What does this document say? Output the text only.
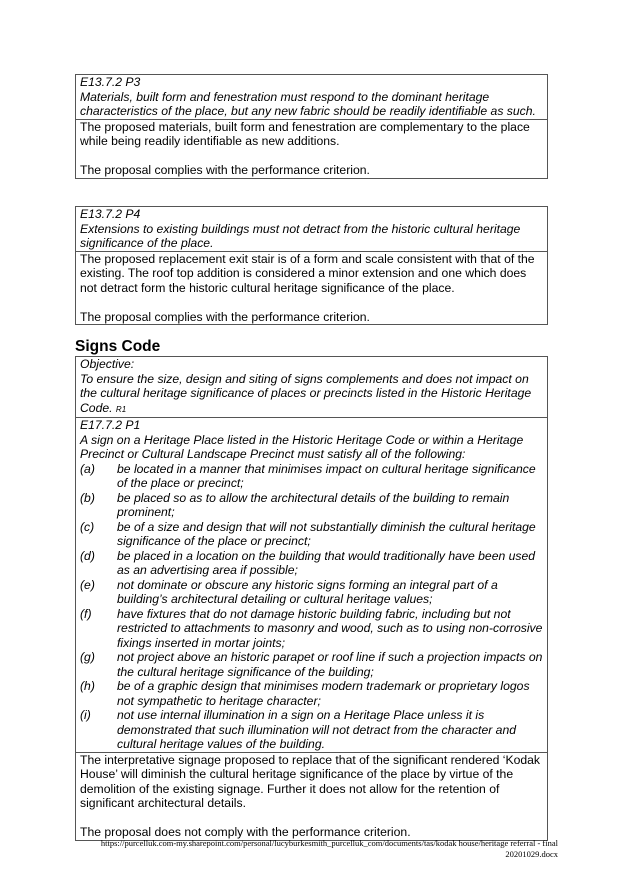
E13.7.2 P3

Materials, built form and fenestration must respond to the dominant heritage characteristics of the place, but any new fabric should be readily identifiable as such.

The proposed materials, built form and fenestration are complementary to the place while being readily identifiable as new additions.

The proposal complies with the performance criterion.

E13.7.2 P4

Extensions to existing buildings must not detract from the historic cultural heritage significance of the place.

The proposed replacement exit stair is of a form and scale consistent with that of the existing. The roof top addition is considered a minor extension and one which does not detract form the historic cultural heritage significance of the place.

The proposal complies with the performance criterion.

Signs Code

Objective:

To ensure the size, design and siting of signs complements and does not impact on the cultural heritage significance of places or precincts listed in the Historic Heritage Code. R1

E17.7.2 P1

A sign on a Heritage Place listed in the Historic Heritage Code or within a Heritage Precinct or Cultural Landscape Precinct must satisfy all of the following:

(a)	be located in a manner that minimises impact on cultural heritage significance of the place or precinct;
(b)	be placed so as to allow the architectural details of the building to remain prominent;
(c)	be of a size and design that will not substantially diminish the cultural heritage significance of the place or precinct;
(d)	be placed in a location on the building that would traditionally have been used as an advertising area if possible;
(e)	not dominate or obscure any historic signs forming an integral part of a building’s architectural detailing or cultural heritage values;
(f)	have fixtures that do not damage historic building fabric, including but not restricted to attachments to masonry and wood, such as to using non-corrosive fixings inserted in mortar joints;
(g)	not project above an historic parapet or roof line if such a projection impacts on the cultural heritage significance of the building;
(h)	be of a graphic design that minimises modern trademark or proprietary logos not sympathetic to heritage character;
(i)	not use internal illumination in a sign on a Heritage Place unless it is demonstrated that such illumination will not detract from the character and cultural heritage values of the building.

The interpretative signage proposed to replace that of the significant rendered ‘Kodak House’ will diminish the cultural heritage significance of the place by virtue of the demolition of the existing signage. Further it does not allow for the retention of significant architectural details.

The proposal does not comply with the performance criterion.

https://purcelluk.com-my.sharepoint.com/personal/lucyburkesmith_purcelluk_com/documents/tas/kodak house/heritage referral - final
20201029.docx
